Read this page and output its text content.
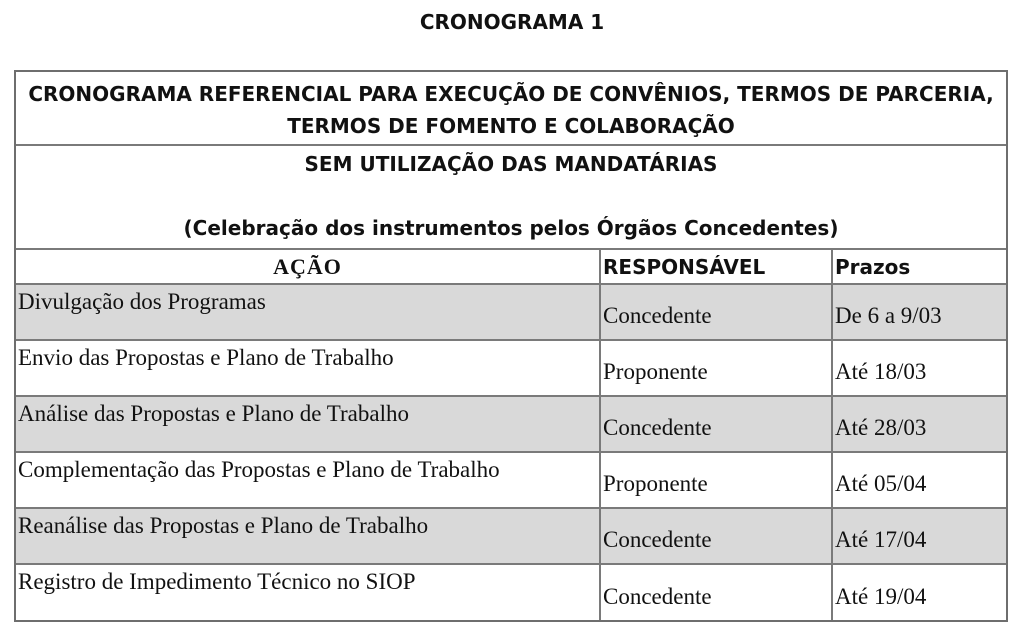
CRONOGRAMA 1
CRONOGRAMA REFERENCIAL PARA EXECUÇÃO DE CONVÊNIOS, TERMOS DE PARCERIA,
TERMOS DE FOMENTO E COLABORAÇÃO
SEM UTILIZAÇÃO DAS MANDATÁRIAS
(Celebração dos instrumentos pelos Órgãos Concedentes)
AÇÃO	RESPONSÁVEL	Prazos
Divulgação dos Programas	Concedente	De 6 a 9/03
Envio das Propostas e Plano de Trabalho	Proponente	Até 18/03
Análise das Propostas e Plano de Trabalho	Concedente	Até 28/03
Complementação das Propostas e Plano de Trabalho	Proponente	Até 05/04
Reanálise das Propostas e Plano de Trabalho	Concedente	Até 17/04
Registro de Impedimento Técnico no SIOP	Concedente	Até 19/04
